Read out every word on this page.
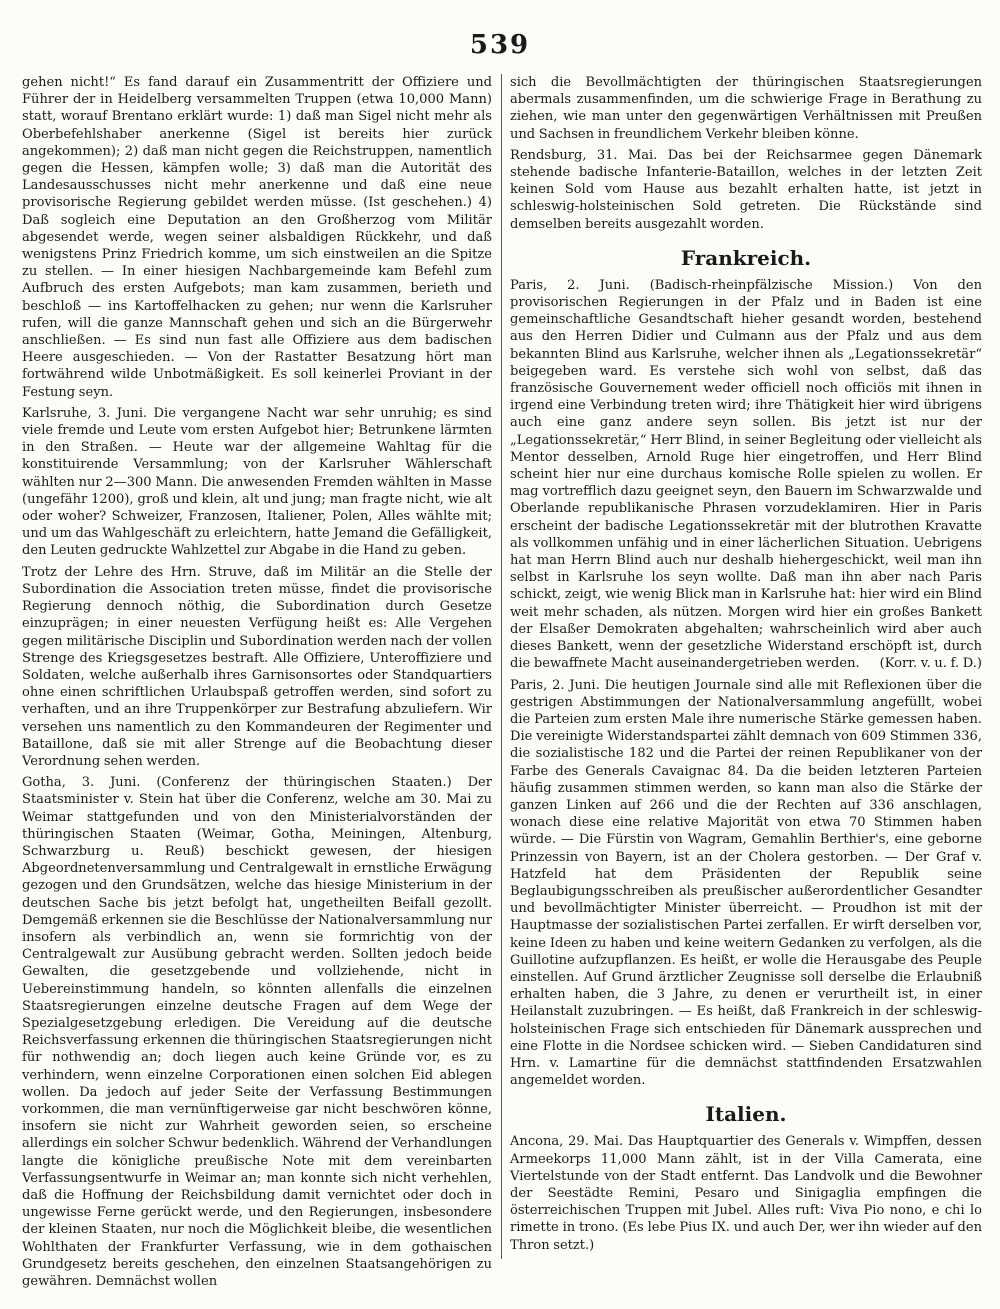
539

gehen nicht!“ Es fand darauf ein Zusammentritt der Offiziere und Führer der in Heidelberg versammelten Truppen (etwa 10,000 Mann) statt, worauf Brentano erklärt wurde: 1) daß man Sigel nicht mehr als Oberbefehlshaber anerkenne (Sigel ist bereits hier zurück angekommen); 2) daß man nicht gegen die Reichstruppen, namentlich gegen die Hessen, kämpfen wolle; 3) daß man die Autorität des Landesausschusses nicht mehr anerkenne und daß eine neue provisorische Regierung gebildet werden müsse. (Ist geschehen.) 4) Daß sogleich eine Deputation an den Großherzog vom Militär abgesendet werde, wegen seiner alsbaldigen Rückkehr, und daß wenigstens Prinz Friedrich komme, um sich einstweilen an die Spitze zu stellen. — In einer hiesigen Nachbargemeinde kam Befehl zum Aufbruch des ersten Aufgebots; man kam zusammen, berieth und beschloß — ins Kartoffelhacken zu gehen; nur wenn die Karlsruher rufen, will die ganze Mannschaft gehen und sich an die Bürgerwehr anschließen. — Es sind nun fast alle Offiziere aus dem badischen Heere ausgeschieden. — Von der Rastatter Besatzung hört man fortwährend wilde Unbotmäßigkeit. Es soll keinerlei Proviant in der Festung seyn.

Karlsruhe, 3. Juni. Die vergangene Nacht war sehr unruhig; es sind viele fremde und Leute vom ersten Aufgebot hier; Betrunkene lärmten in den Straßen. — Heute war der allgemeine Wahltag für die konstituirende Versammlung; von der Karlsruher Wählerschaft wählten nur 2—300 Mann. Die anwesenden Fremden wählten in Masse (ungefähr 1200), groß und klein, alt und jung; man fragte nicht, wie alt oder woher? Schweizer, Franzosen, Italiener, Polen, Alles wählte mit; und um das Wahlgeschäft zu erleichtern, hatte Jemand die Gefälligkeit, den Leuten gedruckte Wahlzettel zur Abgabe in die Hand zu geben.

Trotz der Lehre des Hrn. Struve, daß im Militär an die Stelle der Subordination die Association treten müsse, findet die provisorische Regierung dennoch nöthig, die Subordination durch Gesetze einzuprägen; in einer neuesten Verfügung heißt es: Alle Vergehen gegen militärische Disciplin und Subordination werden nach der vollen Strenge des Kriegsgesetzes bestraft. Alle Offiziere, Unteroffiziere und Soldaten, welche außerhalb ihres Garnisonsortes oder Standquartiers ohne einen schriftlichen Urlaubspaß getroffen werden, sind sofort zu verhaften, und an ihre Truppenkörper zur Bestrafung abzuliefern. Wir versehen uns namentlich zu den Kommandeuren der Regimenter und Bataillone, daß sie mit aller Strenge auf die Beobachtung dieser Verordnung sehen werden.

Gotha, 3. Juni. (Conferenz der thüringischen Staaten.) Der Staatsminister v. Stein hat über die Conferenz, welche am 30. Mai zu Weimar stattgefunden und von den Ministerialvorständen der thüringischen Staaten (Weimar, Gotha, Meiningen, Altenburg, Schwarzburg u. Reuß) beschickt gewesen, der hiesigen Abgeordnetenversammlung und Centralgewalt in ernstliche Erwägung gezogen und den Grundsätzen, welche das hiesige Ministerium in der deutschen Sache bis jetzt befolgt hat, ungetheilten Beifall gezollt. Demgemäß erkennen sie die Beschlüsse der Nationalversammlung nur insofern als verbindlich an, wenn sie formrichtig von der Centralgewalt zur Ausübung gebracht werden. Sollten jedoch beide Gewalten, die gesetzgebende und vollziehende, nicht in Uebereinstimmung handeln, so könnten allenfalls die einzelnen Staatsregierungen einzelne deutsche Fragen auf dem Wege der Spezialgesetzgebung erledigen. Die Vereidung auf die deutsche Reichsverfassung erkennen die thüringischen Staatsregierungen nicht für nothwendig an; doch liegen auch keine Gründe vor, es zu verhindern, wenn einzelne Corporationen einen solchen Eid ablegen wollen. Da jedoch auf jeder Seite der Verfassung Bestimmungen vorkommen, die man vernünftigerweise gar nicht beschwören könne, insofern sie nicht zur Wahrheit geworden seien, so erscheine allerdings ein solcher Schwur bedenklich. Während der Verhandlungen langte die königliche preußische Note mit dem vereinbarten Verfassungsentwurfe in Weimar an; man konnte sich nicht verhehlen, daß die Hoffnung der Reichsbildung damit vernichtet oder doch in ungewisse Ferne gerückt werde, und den Regierungen, insbesondere der kleinen Staaten, nur noch die Möglichkeit bleibe, die wesentlichen Wohlthaten der Frankfurter Verfassung, wie in dem gothaischen Grundgesetz bereits geschehen, den einzelnen Staatsangehörigen zu gewähren. Demnächst wollen

sich die Bevollmächtigten der thüringischen Staatsregierungen abermals zusammenfinden, um die schwierige Frage in Berathung zu ziehen, wie man unter den gegenwärtigen Verhältnissen mit Preußen und Sachsen in freundlichem Verkehr bleiben könne.

Rendsburg, 31. Mai. Das bei der Reichsarmee gegen Dänemark stehende badische Infanterie-Bataillon, welches in der letzten Zeit keinen Sold vom Hause aus bezahlt erhalten hatte, ist jetzt in schleswig-holsteinischen Sold getreten. Die Rückstände sind demselben bereits ausgezahlt worden.

Frankreich.

Paris, 2. Juni. (Badisch-rheinpfälzische Mission.) Von den provisorischen Regierungen in der Pfalz und in Baden ist eine gemeinschaftliche Gesandtschaft hieher gesandt worden, bestehend aus den Herren Didier und Culmann aus der Pfalz und aus dem bekannten Blind aus Karlsruhe, welcher ihnen als „Legationssekretär“ beigegeben ward. Es verstehe sich wohl von selbst, daß das französische Gouvernement weder officiell noch officiös mit ihnen in irgend eine Verbindung treten wird; ihre Thätigkeit hier wird übrigens auch eine ganz andere seyn sollen. Bis jetzt ist nur der „Legationssekretär,“ Herr Blind, in seiner Begleitung oder vielleicht als Mentor desselben, Arnold Ruge hier eingetroffen, und Herr Blind scheint hier nur eine durchaus komische Rolle spielen zu wollen. Er mag vortrefflich dazu geeignet seyn, den Bauern im Schwarzwalde und Oberlande republikanische Phrasen vorzudeklamiren. Hier in Paris erscheint der badische Legationssekretär mit der blutrothen Kravatte als vollkommen unfähig und in einer lächerlichen Situation. Uebrigens hat man Herrn Blind auch nur deshalb hiehergeschickt, weil man ihn selbst in Karlsruhe los seyn wollte. Daß man ihn aber nach Paris schickt, zeigt, wie wenig Blick man in Karlsruhe hat: hier wird ein Blind weit mehr schaden, als nützen. Morgen wird hier ein großes Bankett der Elsaßer Demokraten abgehalten; wahrscheinlich wird aber auch dieses Bankett, wenn der gesetzliche Widerstand erschöpft ist, durch die bewaffnete Macht auseinandergetrieben werden. (Korr. v. u. f. D.)

Paris, 2. Juni. Die heutigen Journale sind alle mit Reflexionen über die gestrigen Abstimmungen der Nationalversammlung angefüllt, wobei die Parteien zum ersten Male ihre numerische Stärke gemessen haben. Die vereinigte Widerstandspartei zählt demnach von 609 Stimmen 336, die sozialistische 182 und die Partei der reinen Republikaner von der Farbe des Generals Cavaignac 84. Da die beiden letzteren Parteien häufig zusammen stimmen werden, so kann man also die Stärke der ganzen Linken auf 266 und die der Rechten auf 336 anschlagen, wonach diese eine relative Majorität von etwa 70 Stimmen haben würde. — Die Fürstin von Wagram, Gemahlin Berthier's, eine geborne Prinzessin von Bayern, ist an der Cholera gestorben. — Der Graf v. Hatzfeld hat dem Präsidenten der Republik seine Beglaubigungsschreiben als preußischer außerordentlicher Gesandter und bevollmächtigter Minister überreicht. — Proudhon ist mit der Hauptmasse der sozialistischen Partei zerfallen. Er wirft derselben vor, keine Ideen zu haben und keine weitern Gedanken zu verfolgen, als die Guillotine aufzupflanzen. Es heißt, er wolle die Herausgabe des Peuple einstellen. Auf Grund ärztlicher Zeugnisse soll derselbe die Erlaubniß erhalten haben, die 3 Jahre, zu denen er verurtheilt ist, in einer Heilanstalt zuzubringen. — Es heißt, daß Frankreich in der schleswig-holsteinischen Frage sich entschieden für Dänemark aussprechen und eine Flotte in die Nordsee schicken wird. — Sieben Candidaturen sind Hrn. v. Lamartine für die demnächst stattfindenden Ersatzwahlen angemeldet worden.

Italien.

Ancona, 29. Mai. Das Hauptquartier des Generals v. Wimpffen, dessen Armeekorps 11,000 Mann zählt, ist in der Villa Camerata, eine Viertelstunde von der Stadt entfernt. Das Landvolk und die Bewohner der Seestädte Remini, Pesaro und Sinigaglia empfingen die österreichischen Truppen mit Jubel. Alles ruft: Viva Pio nono, e chi lo rimette in trono. (Es lebe Pius IX. und auch Der, wer ihn wieder auf den Thron setzt.)
